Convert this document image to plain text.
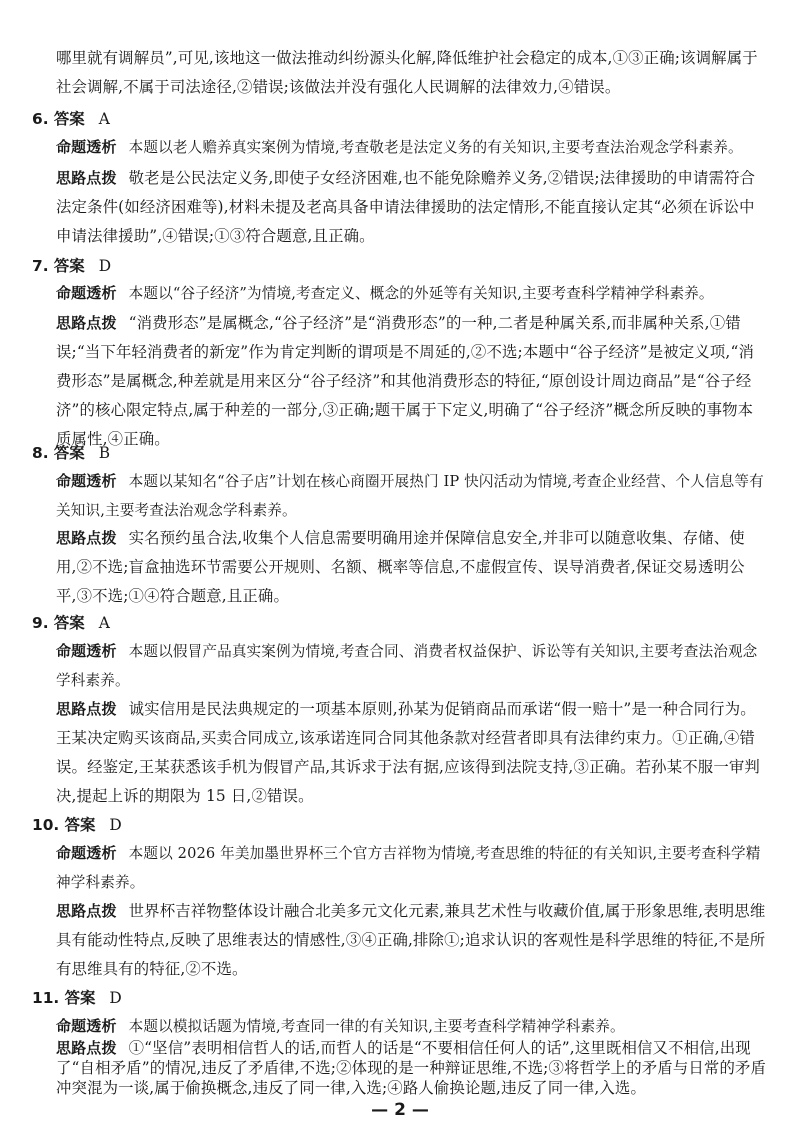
哪里就有调解员”,可见,该地这一做法推动纠纷源头化解,降低维护社会稳定的成本,①③正确;该调解属于社会调解,不属于司法途径,②错误;该做法并没有强化人民调解的法律效力,④错误。
6. 答案 A
命题透析 本题以老人赡养真实案例为情境,考查敬老是法定义务的有关知识,主要考查法治观念学科素养。
思路点拨 敬老是公民法定义务,即使子女经济困难,也不能免除赡养义务,②错误;法律援助的申请需符合法定条件(如经济困难等),材料未提及老高具备申请法律援助的法定情形,不能直接认定其“必须在诉讼中申请法律援助”,④错误;①③符合题意,且正确。
7. 答案 D
命题透析 本题以“谷子经济”为情境,考查定义、概念的外延等有关知识,主要考查科学精神学科素养。
思路点拨 “消费形态”是属概念,“谷子经济”是“消费形态”的一种,二者是种属关系,而非属种关系,①错误;“当下年轻消费者的新宠”作为肯定判断的谓项是不周延的,②不选;本题中“谷子经济”是被定义项,“消费形态”是属概念,种差就是用来区分“谷子经济”和其他消费形态的特征,“原创设计周边商品”是“谷子经济”的核心限定特点,属于种差的一部分,③正确;题干属于下定义,明确了“谷子经济”概念所反映的事物本质属性,④正确。
8. 答案 B
命题透析 本题以某知名“谷子店”计划在核心商圈开展热门 IP 快闪活动为情境,考查企业经营、个人信息等有关知识,主要考查法治观念学科素养。
思路点拨 实名预约虽合法,收集个人信息需要明确用途并保障信息安全,并非可以随意收集、存储、使用,②不选;盲盒抽选环节需要公开规则、名额、概率等信息,不虚假宣传、误导消费者,保证交易透明公平,③不选;①④符合题意,且正确。
9. 答案 A
命题透析 本题以假冒产品真实案例为情境,考查合同、消费者权益保护、诉讼等有关知识,主要考查法治观念学科素养。
思路点拨 诚实信用是民法典规定的一项基本原则,孙某为促销商品而承诺“假一赔十”是一种合同行为。王某决定购买该商品,买卖合同成立,该承诺连同合同其他条款对经营者即具有法律约束力。①正确,④错误。经鉴定,王某获悉该手机为假冒产品,其诉求于法有据,应该得到法院支持,③正确。若孙某不服一审判决,提起上诉的期限为 15 日,②错误。
10. 答案 D
命题透析 本题以 2026 年美加墨世界杯三个官方吉祥物为情境,考查思维的特征的有关知识,主要考查科学精神学科素养。
思路点拨 世界杯吉祥物整体设计融合北美多元文化元素,兼具艺术性与收藏价值,属于形象思维,表明思维具有能动性特点,反映了思维表达的情感性,③④正确,排除①;追求认识的客观性是科学思维的特征,不是所有思维具有的特征,②不选。
11. 答案 D
命题透析 本题以模拟话题为情境,考查同一律的有关知识,主要考查科学精神学科素养。
思路点拨 ①“坚信”表明相信哲人的话,而哲人的话是“不要相信任何人的话”,这里既相信又不相信,出现了“自相矛盾”的情况,违反了矛盾律,不选;②体现的是一种辩证思维,不选;③将哲学上的矛盾与日常的矛盾冲突混为一谈,属于偷换概念,违反了同一律,入选;④路人偷换论题,违反了同一律,入选。
— 2 —
